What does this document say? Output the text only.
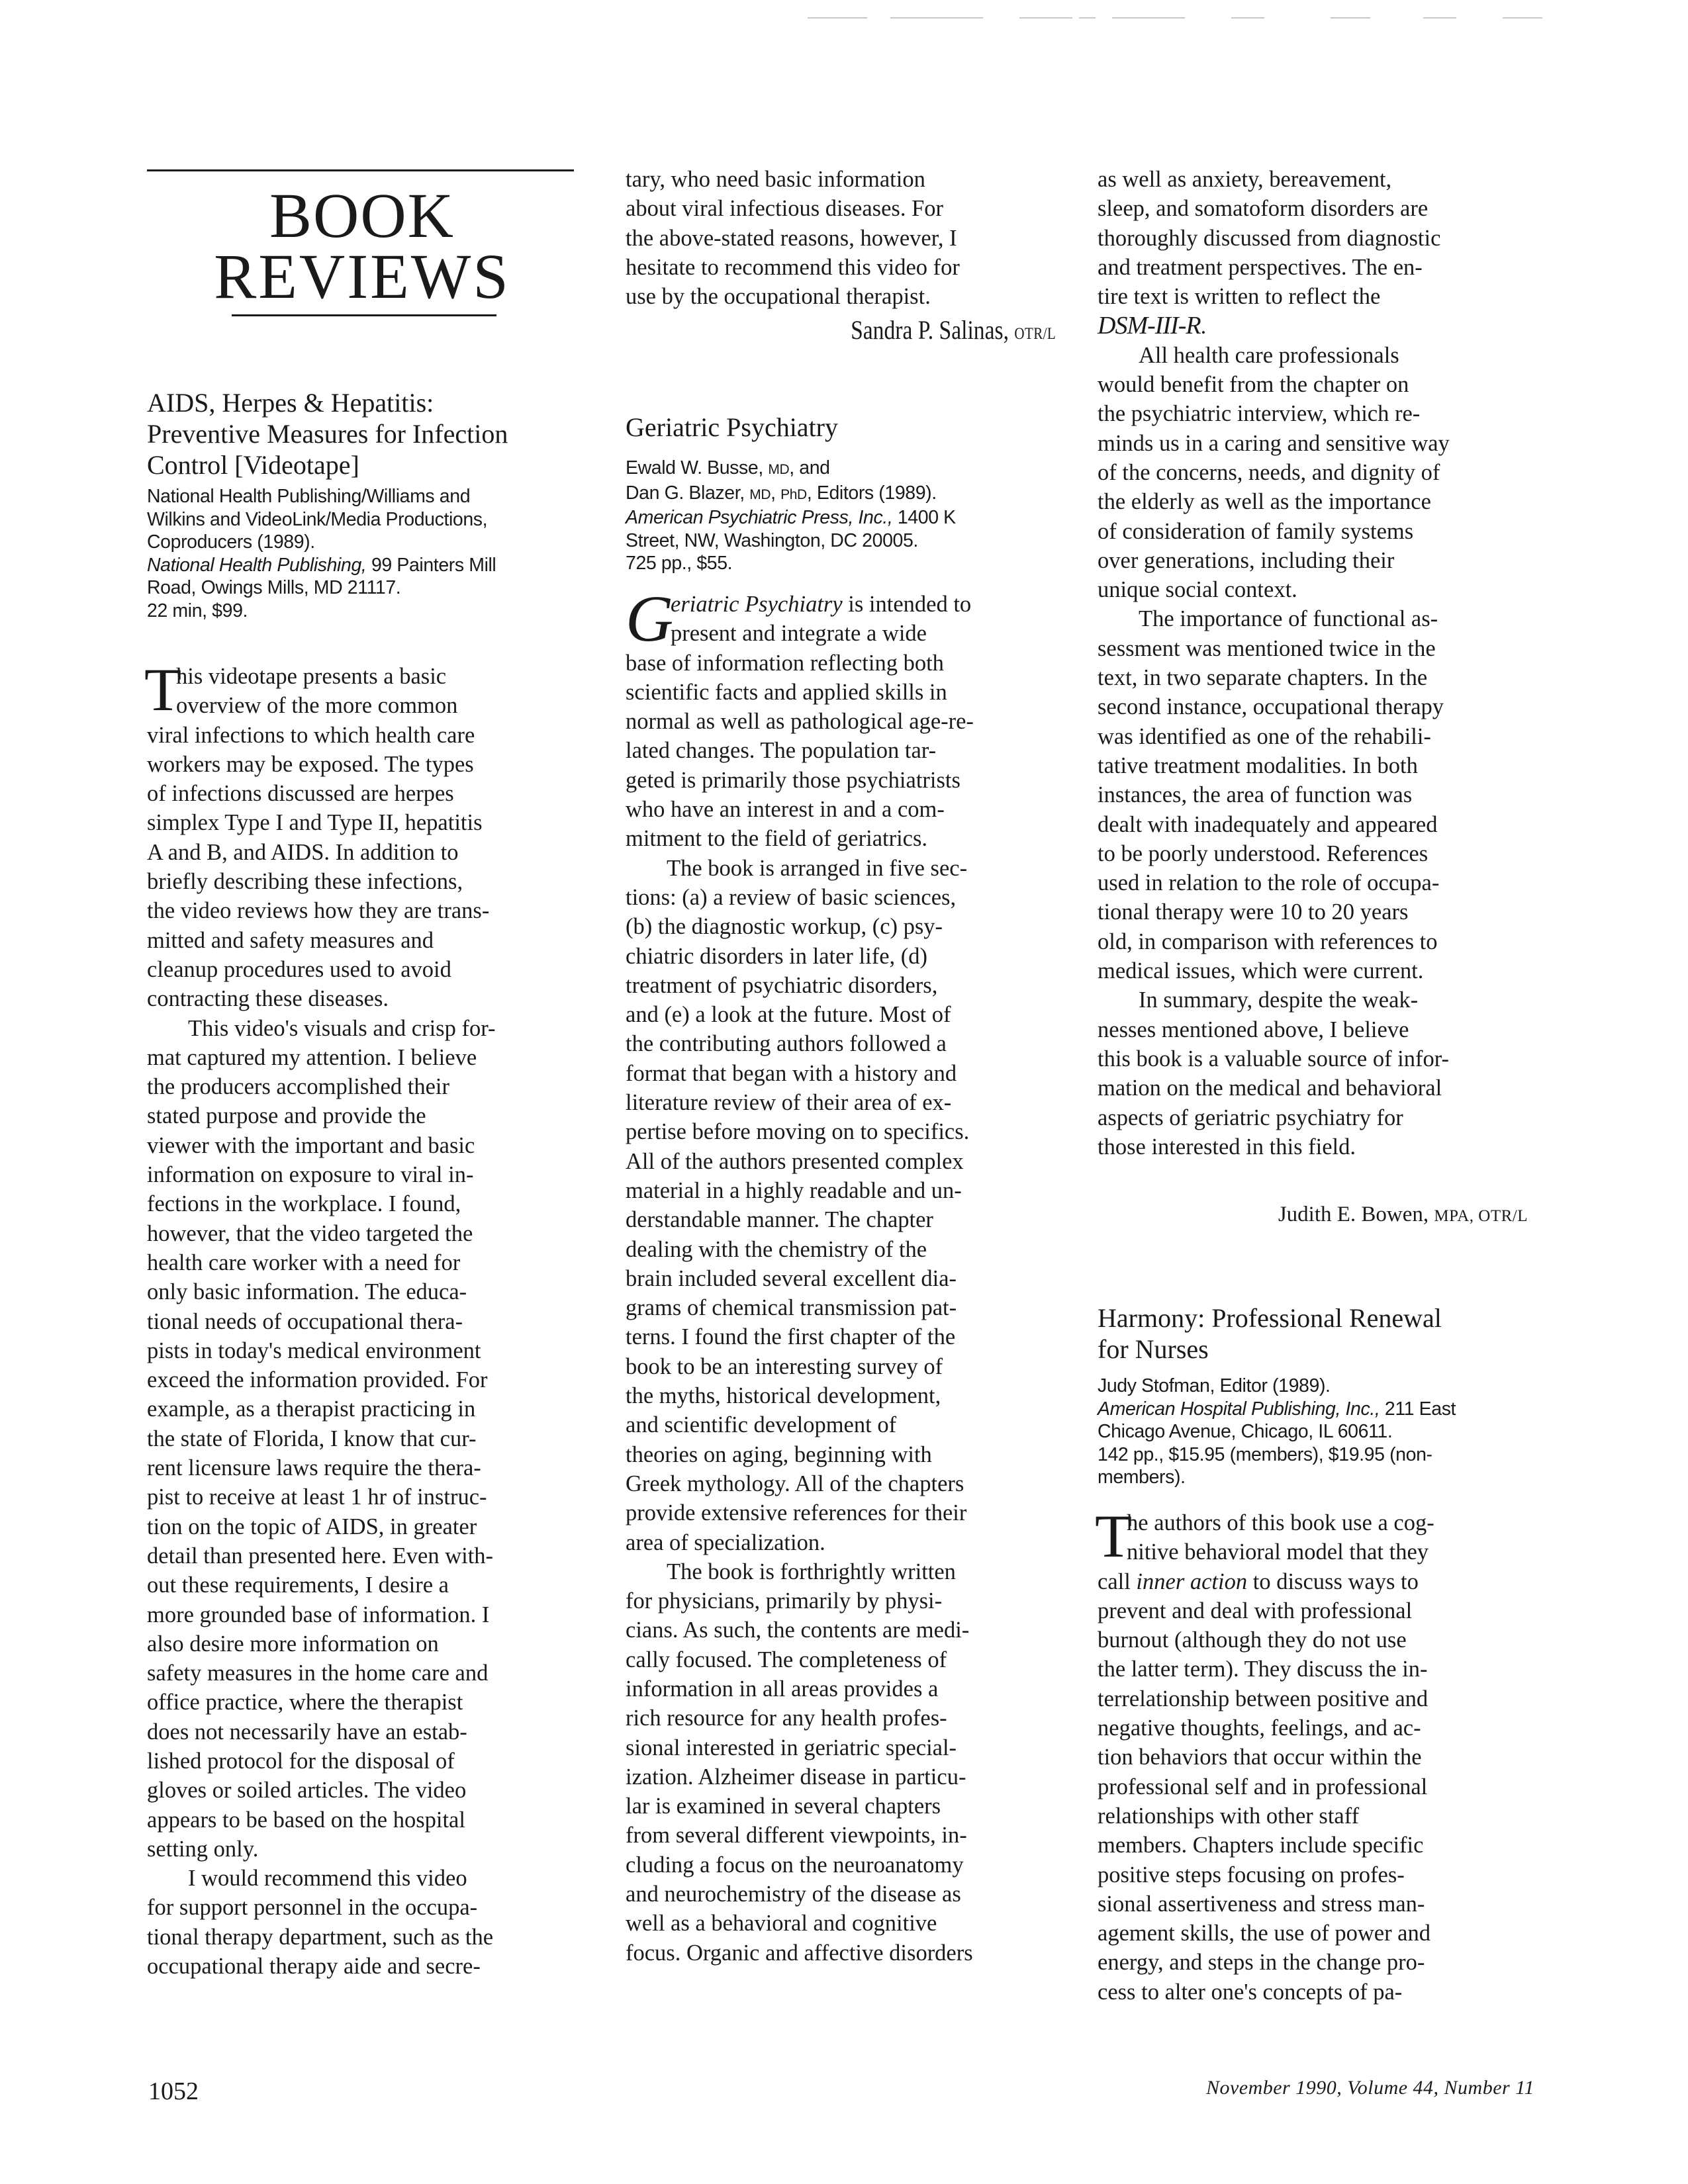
BOOK
REVIEWS
AIDS, Herpes & Hepatitis:
Preventive Measures for Infection
Control [Videotape]
National Health Publishing/Williams and
Wilkins and VideoLink/Media Productions,
Coproducers (1989).
National Health Publishing, 99 Painters Mill
Road, Owings Mills, MD 21117.
22 min, $99.
T
his videotape presents a basic
overview of the more common
viral infections to which health care
workers may be exposed. The types
of infections discussed are herpes
simplex Type I and Type II, hepatitis
A and B, and AIDS. In addition to
briefly describing these infections,
the video reviews how they are trans-
mitted and safety measures and
cleanup procedures used to avoid
contracting these diseases.
This video's visuals and crisp for-
mat captured my attention. I believe
the producers accomplished their
stated purpose and provide the
viewer with the important and basic
information on exposure to viral in-
fections in the workplace. I found,
however, that the video targeted the
health care worker with a need for
only basic information. The educa-
tional needs of occupational thera-
pists in today's medical environment
exceed the information provided. For
example, as a therapist practicing in
the state of Florida, I know that cur-
rent licensure laws require the thera-
pist to receive at least 1 hr of instruc-
tion on the topic of AIDS, in greater
detail than presented here. Even with-
out these requirements, I desire a
more grounded base of information. I
also desire more information on
safety measures in the home care and
office practice, where the therapist
does not necessarily have an estab-
lished protocol for the disposal of
gloves or soiled articles. The video
appears to be based on the hospital
setting only.
I would recommend this video
for support personnel in the occupa-
tional therapy department, such as the
occupational therapy aide and secre-
tary, who need basic information
about viral infectious diseases. For
the above-stated reasons, however, I
hesitate to recommend this video for
use by the occupational therapist.
Sandra P. Salinas, OTR/L
Geriatric Psychiatry
Ewald W. Busse, MD, and
Dan G. Blazer, MD, PhD, Editors (1989).
American Psychiatric Press, Inc., 1400 K
Street, NW, Washington, DC 20005.
725 pp., $55.
G
eriatric Psychiatry is intended to
present and integrate a wide
base of information reflecting both
scientific facts and applied skills in
normal as well as pathological age-re-
lated changes. The population tar-
geted is primarily those psychiatrists
who have an interest in and a com-
mitment to the field of geriatrics.
The book is arranged in five sec-
tions: (a) a review of basic sciences,
(b) the diagnostic workup, (c) psy-
chiatric disorders in later life, (d)
treatment of psychiatric disorders,
and (e) a look at the future. Most of
the contributing authors followed a
format that began with a history and
literature review of their area of ex-
pertise before moving on to specifics.
All of the authors presented complex
material in a highly readable and un-
derstandable manner. The chapter
dealing with the chemistry of the
brain included several excellent dia-
grams of chemical transmission pat-
terns. I found the first chapter of the
book to be an interesting survey of
the myths, historical development,
and scientific development of
theories on aging, beginning with
Greek mythology. All of the chapters
provide extensive references for their
area of specialization.
The book is forthrightly written
for physicians, primarily by physi-
cians. As such, the contents are medi-
cally focused. The completeness of
information in all areas provides a
rich resource for any health profes-
sional interested in geriatric special-
ization. Alzheimer disease in particu-
lar is examined in several chapters
from several different viewpoints, in-
cluding a focus on the neuroanatomy
and neurochemistry of the disease as
well as a behavioral and cognitive
focus. Organic and affective disorders
as well as anxiety, bereavement,
sleep, and somatoform disorders are
thoroughly discussed from diagnostic
and treatment perspectives. The en-
tire text is written to reflect the
DSM-III-R.
All health care professionals
would benefit from the chapter on
the psychiatric interview, which re-
minds us in a caring and sensitive way
of the concerns, needs, and dignity of
the elderly as well as the importance
of consideration of family systems
over generations, including their
unique social context.
The importance of functional as-
sessment was mentioned twice in the
text, in two separate chapters. In the
second instance, occupational therapy
was identified as one of the rehabili-
tative treatment modalities. In both
instances, the area of function was
dealt with inadequately and appeared
to be poorly understood. References
used in relation to the role of occupa-
tional therapy were 10 to 20 years
old, in comparison with references to
medical issues, which were current.
In summary, despite the weak-
nesses mentioned above, I believe
this book is a valuable source of infor-
mation on the medical and behavioral
aspects of geriatric psychiatry for
those interested in this field.
Judith E. Bowen, MPA, OTR/L
Harmony: Professional Renewal
for Nurses
Judy Stofman, Editor (1989).
American Hospital Publishing, Inc., 211 East
Chicago Avenue, Chicago, IL 60611.
142 pp., $15.95 (members), $19.95 (non-
members).
T
he authors of this book use a cog-
nitive behavioral model that they
call inner action to discuss ways to
prevent and deal with professional
burnout (although they do not use
the latter term). They discuss the in-
terrelationship between positive and
negative thoughts, feelings, and ac-
tion behaviors that occur within the
professional self and in professional
relationships with other staff
members. Chapters include specific
positive steps focusing on profes-
sional assertiveness and stress man-
agement skills, the use of power and
energy, and steps in the change pro-
cess to alter one's concepts of pa-
1052	November 1990, Volume 44, Number 11
